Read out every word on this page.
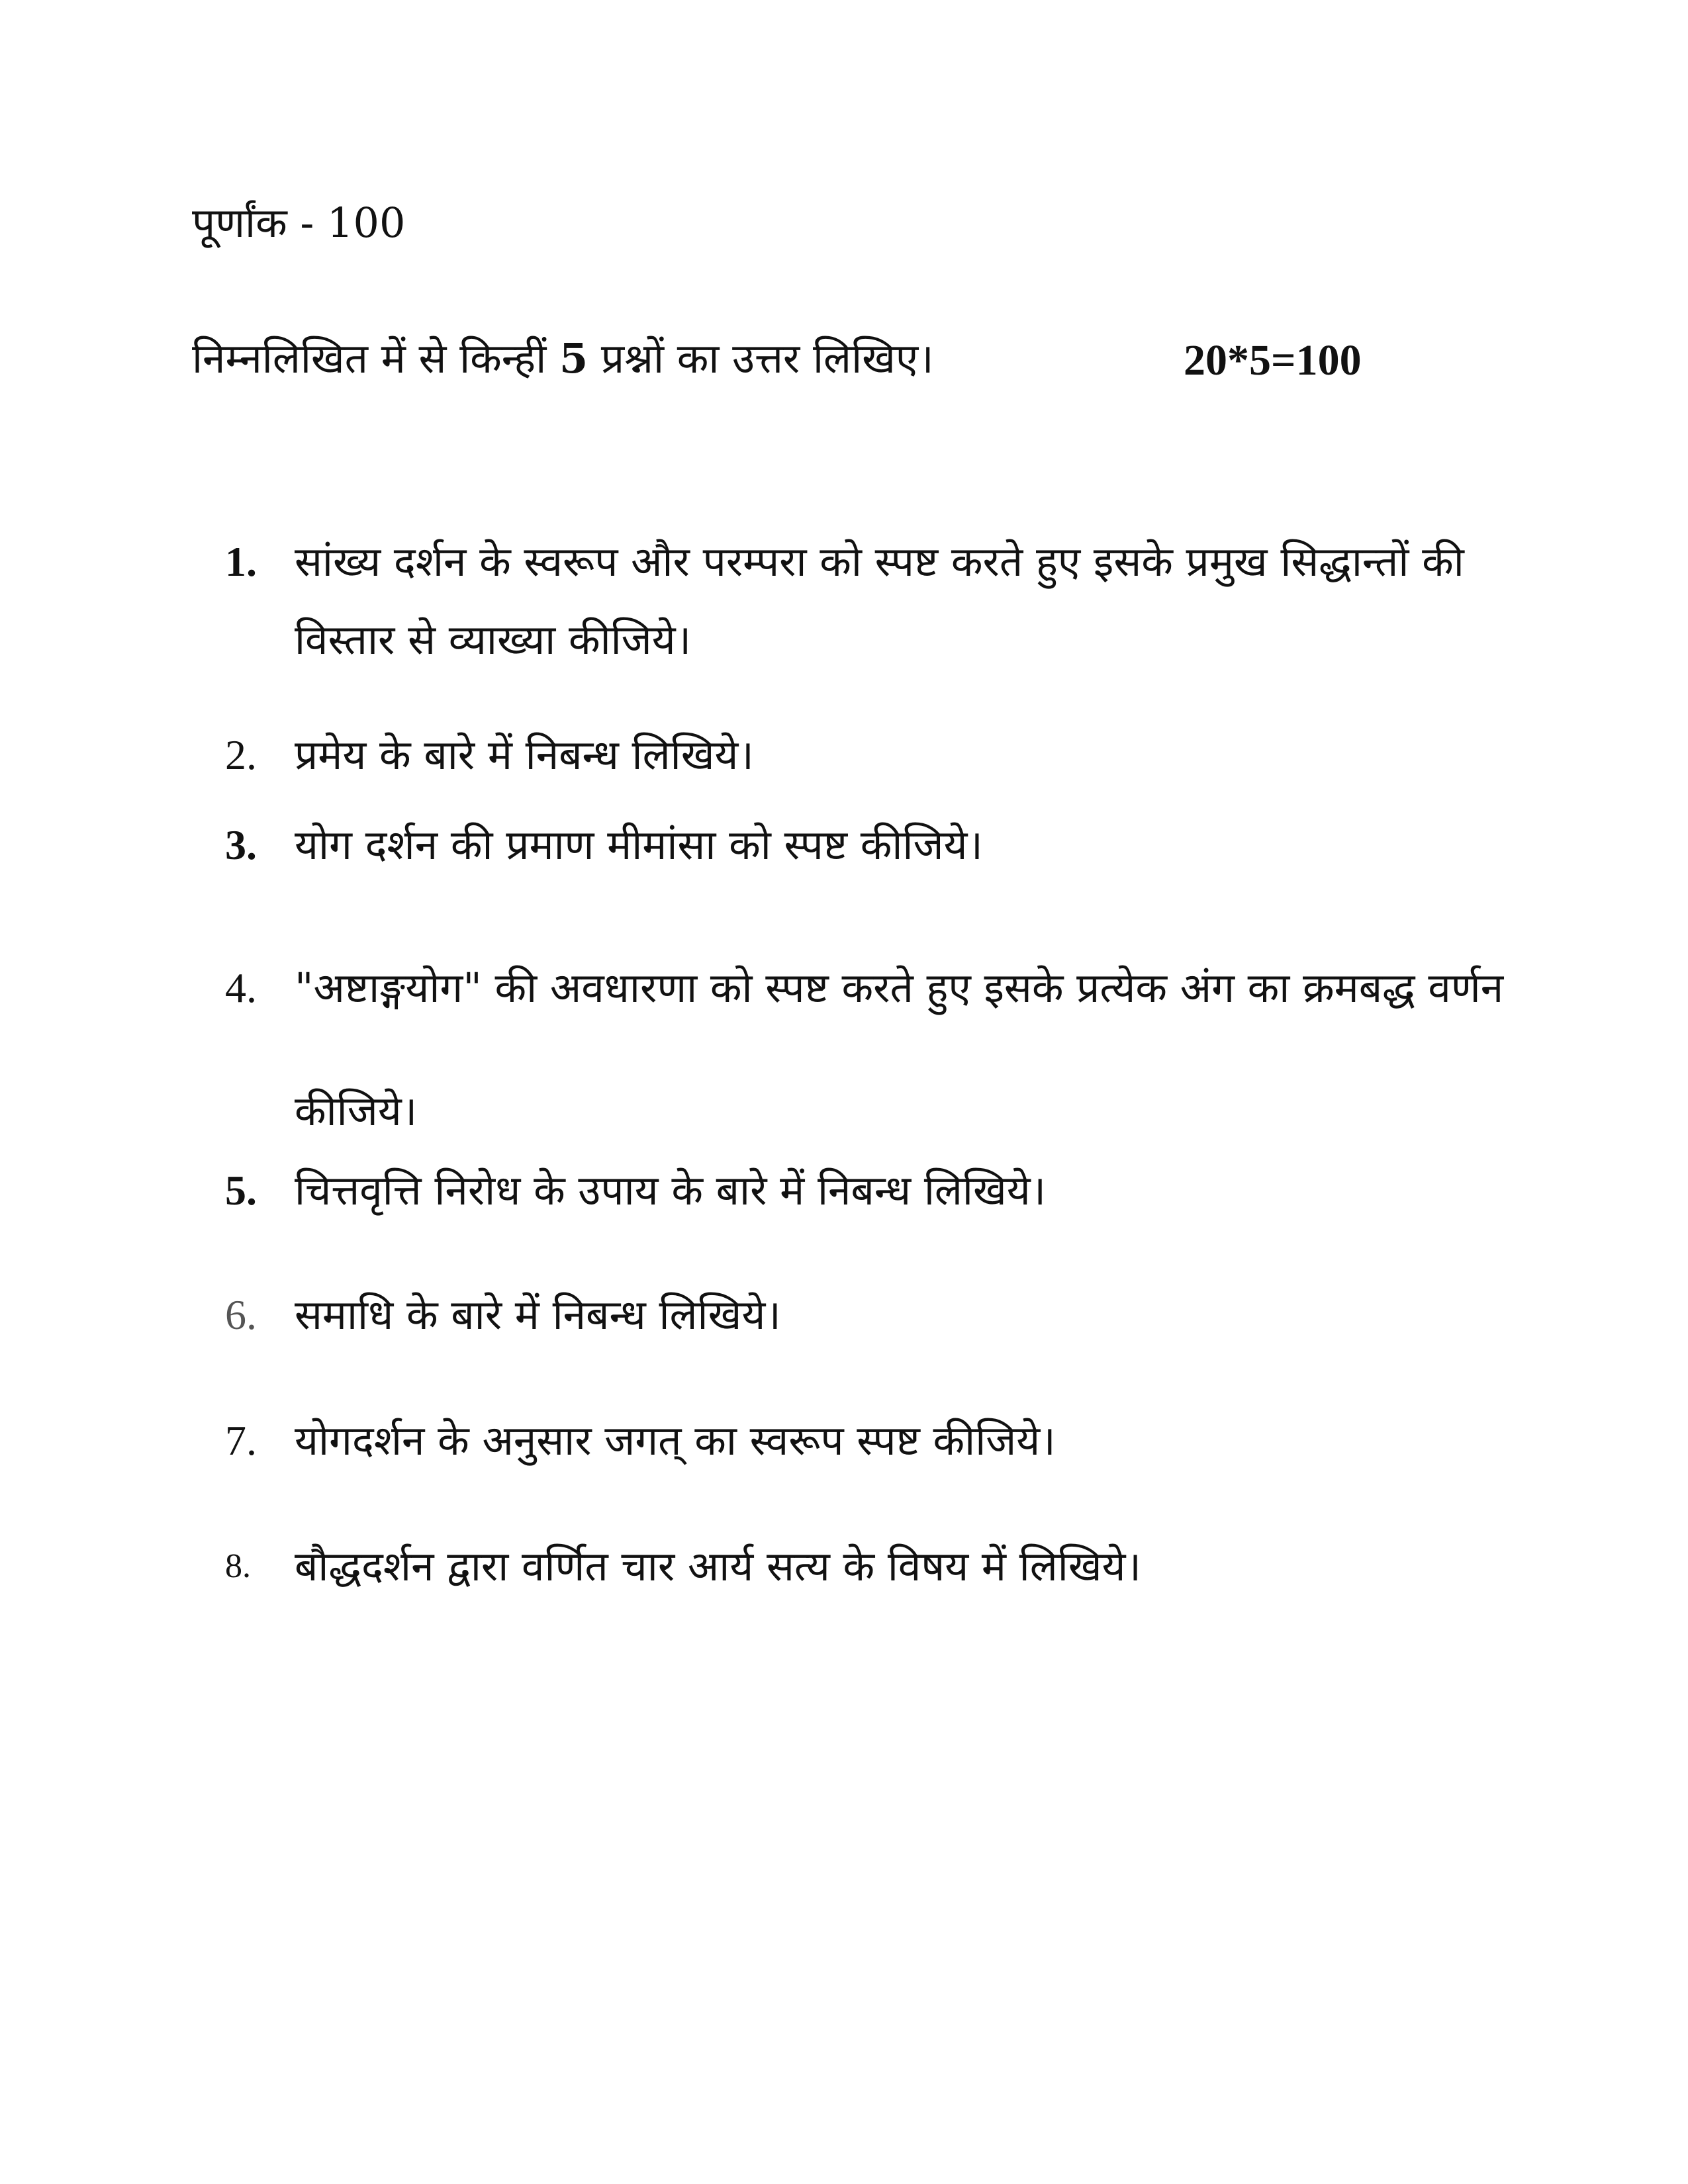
पूर्णांक - 100
निम्नलिखित में से किन्हीं 5 प्रश्नों का उत्तर लिखिए।	20*5=100
1. सांख्य दर्शन के स्वरूप और परम्परा को स्पष्ट करते हुए इसके प्रमुख सिद्धान्तों की विस्तार से व्याख्या कीजिये।
2. प्रमेय के बारे में निबन्ध लिखिये।
3. योग दर्शन की प्रमाण मीमांसा को स्पष्ट कीजिये।
4. "अष्टाङ्गयोग" की अवधारणा को स्पष्ट करते हुए इसके प्रत्येक अंग का क्रमबद्ध वर्णन कीजिये।
5. चित्तवृत्ति निरोध के उपाय के बारे में निबन्ध लिखिये।
6. समाधि के बारे में निबन्ध लिखिये।
7. योगदर्शन के अनुसार जगत् का स्वरूप स्पष्ट कीजिये।
8. बौद्धदर्शन द्वारा वर्णित चार आर्य सत्य के विषय में लिखिये।
